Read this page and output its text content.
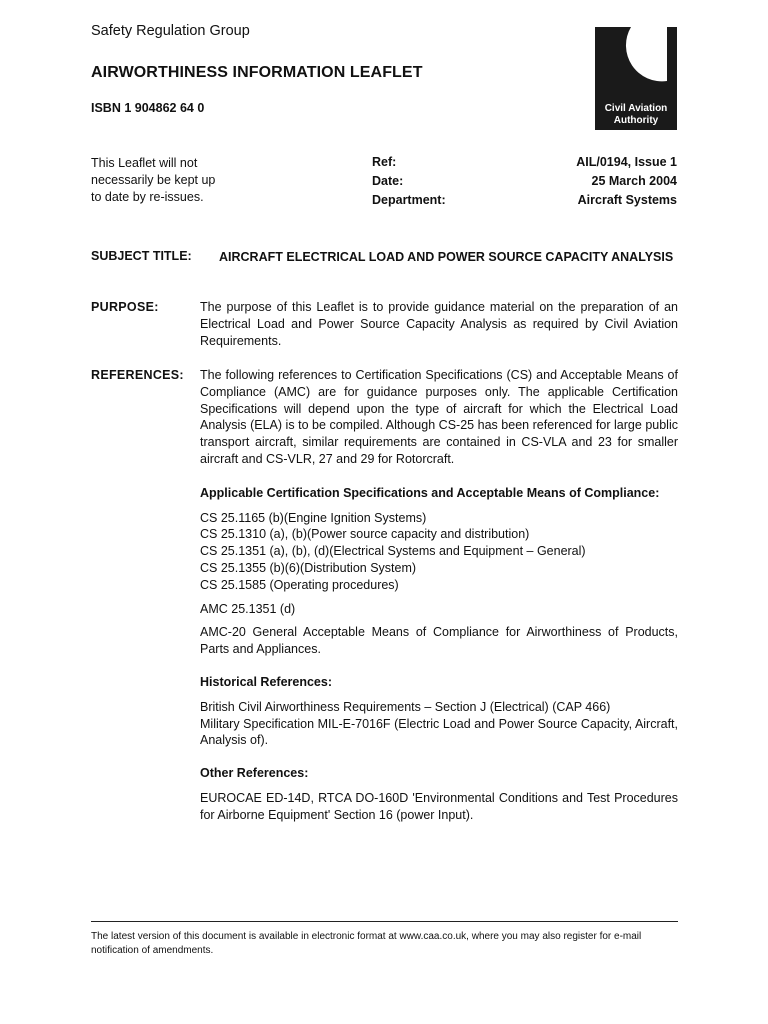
Safety Regulation Group
AIRWORTHINESS INFORMATION LEAFLET
ISBN 1 904862 64 0	Civil Aviation
Authority
This Leaflet will not
necessarily be kept up
to date by re-issues.
Ref:
Date:
Department:
AIL/0194, Issue 1
25 March 2004
Aircraft Systems
SUBJECT TITLE: AIRCRAFT ELECTRICAL LOAD AND POWER SOURCE CAPACITY ANALYSIS
PURPOSE:	The purpose of this Leaflet is to provide guidance material on the preparation of an Electrical Load and Power Source Capacity Analysis as required by Civil Aviation Requirements.

REFERENCES: The following references to Certification Specifications (CS) and Acceptable Means of Compliance (AMC) are for guidance purposes only. The applicable Certification Specifications will depend upon the type of aircraft for which the Electrical Load Analysis (ELA) is to be compiled. Although CS-25 has been referenced for large public transport aircraft, similar requirements are contained in CS-VLA and 23 for smaller aircraft and CS-VLR, 27 and 29 for Rotorcraft.

Applicable Certification Specifications and Acceptable Means of Compliance:

CS 25.1165 (b)(Engine Ignition Systems)
CS 25.1310 (a), (b)(Power source capacity and distribution)
CS 25.1351 (a), (b), (d)(Electrical Systems and Equipment – General)
CS 25.1355 (b)(6)(Distribution System)
CS 25.1585 (Operating procedures)

AMC 25.1351 (d)

AMC-20 General Acceptable Means of Compliance for Airworthiness of Products, Parts and Appliances.

Historical References:

British Civil Airworthiness Requirements – Section J (Electrical) (CAP 466)

Military Specification MIL-E-7016F (Electric Load and Power Source Capacity, Aircraft, Analysis of).

Other References:

EUROCAE ED-14D, RTCA DO-160D 'Environmental Conditions and Test Procedures for Airborne Equipment' Section 16 (power Input).

The latest version of this document is available in electronic format at www.caa.co.uk, where you may also register for e-mail notification of amendments.
